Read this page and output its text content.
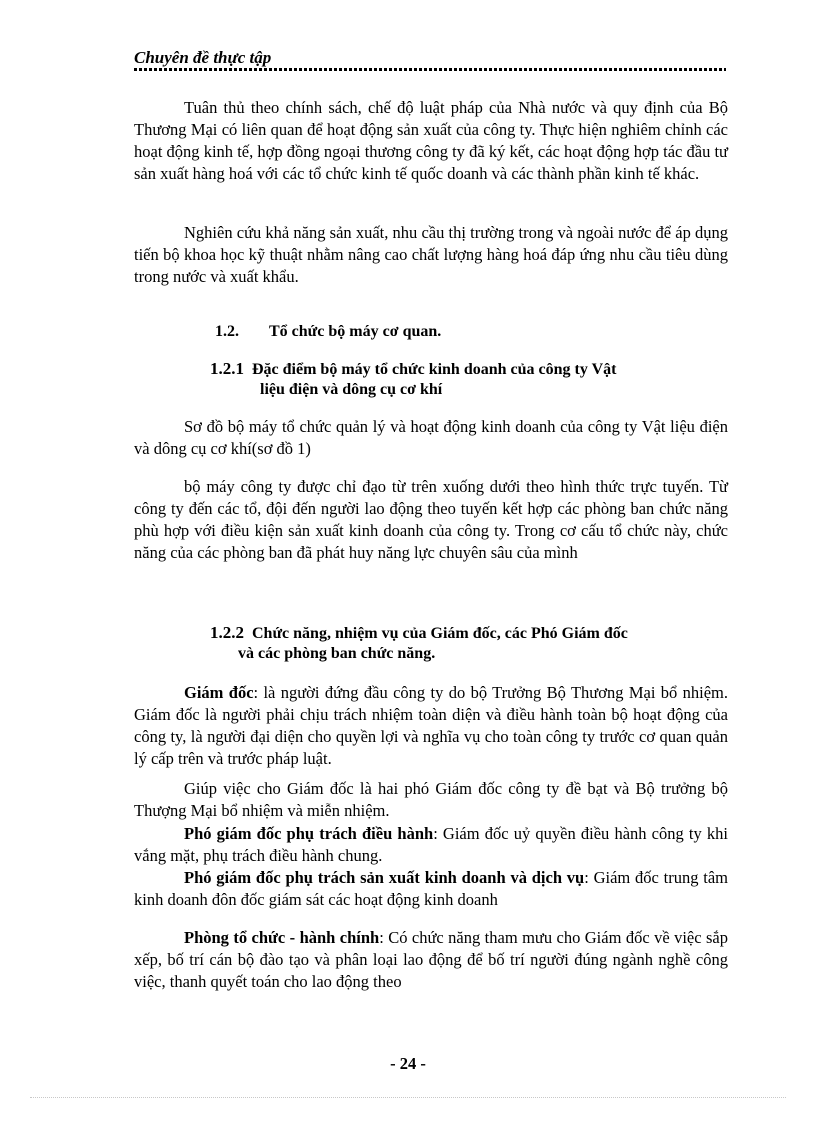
Chuyên đề thực tập

Tuân thủ theo chính sách, chế độ luật pháp của Nhà nước và quy định của Bộ Thương Mại có liên quan để hoạt động sản xuất của công ty. Thực hiện nghiêm chỉnh các hoạt động kinh tế, hợp đồng ngoại thương công ty đã ký kết, các hoạt động hợp tác đầu tư sản xuất hàng hoá với các tổ chức kinh tế quốc doanh và các thành phần kinh tế khác.

Nghiên cứu khả năng sản xuất, nhu cầu thị trường trong và ngoài nước để áp dụng tiến bộ khoa học kỹ thuật nhằm nâng cao chất lượng hàng hoá đáp ứng nhu cầu tiêu dùng trong nước và xuất khẩu.

1.2. Tổ chức bộ máy cơ quan.
1.2.1 Đặc điểm bộ máy tổ chức kinh doanh của công ty Vật
liệu điện và dông cụ cơ khí

Sơ đồ bộ máy tổ chức quản lý và hoạt động kinh doanh của công ty Vật liệu điện và dông cụ cơ khí(sơ đồ 1)

bộ máy công ty được chỉ đạo từ trên xuống dưới theo hình thức trực tuyến. Từ công ty đến các tổ, đội đến người lao động theo tuyến kết hợp các phòng ban chức năng phù hợp với điều kiện sản xuất kinh doanh của công ty. Trong cơ cấu tổ chức này, chức năng của các phòng ban đã phát huy năng lực chuyên sâu của mình

1.2.2 Chức năng, nhiệm vụ của Giám đốc, các Phó Giám đốc
và các phòng ban chức năng.

Giám đốc: là người đứng đầu công ty do bộ Trưởng Bộ Thương Mại bổ nhiệm. Giám đốc là người phải chịu trách nhiệm toàn diện và điều hành toàn bộ hoạt động của công ty, là người đại diện cho quyền lợi và nghĩa vụ cho toàn công ty trước cơ quan quản lý cấp trên và trước pháp luật.

Giúp việc cho Giám đốc là hai phó Giám đốc công ty đề bạt và Bộ trưởng bộ Thượng Mại bổ nhiệm và miễn nhiệm.

Phó giám đốc phụ trách điều hành: Giám đốc uỷ quyền điều hành công ty khi vắng mặt, phụ trách điều hành chung.

Phó giám đốc phụ trách sản xuất kinh doanh và dịch vụ: Giám đốc trung tâm kinh doanh đôn đốc giám sát các hoạt động kinh doanh

Phòng tổ chức - hành chính: Có chức năng tham mưu cho Giám đốc về việc sắp xếp, bố trí cán bộ đào tạo và phân loại lao động để bố trí người đúng ngành nghề công việc, thanh quyết toán cho lao động theo

- 24 -
